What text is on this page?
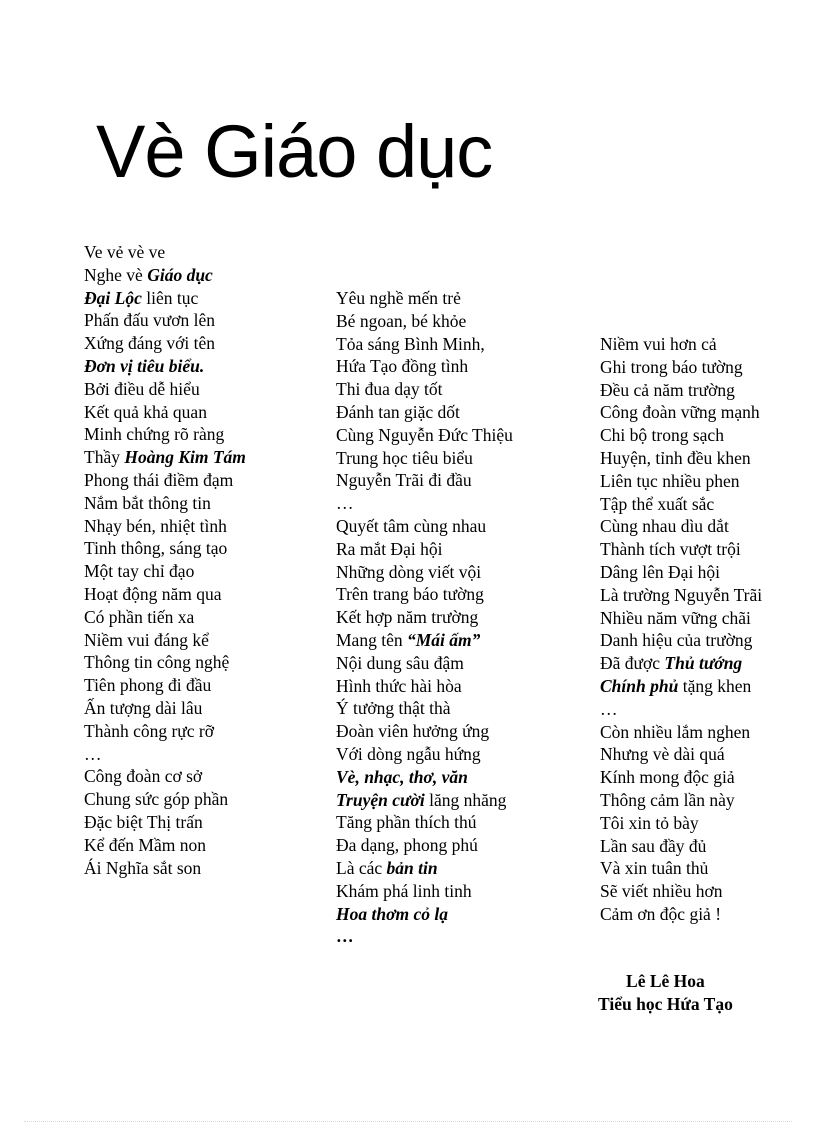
Vè Giáo dục
Ve vẻ vè ve
Nghe vè Giáo dục
Đại Lộc liên tục
Phấn đấu vươn lên
Xứng đáng với tên
Đơn vị tiêu biểu.
Bởi điều dễ hiểu
Kết quả khả quan
Minh chứng rõ ràng
Thầy Hoàng Kim Tám
Phong thái điềm đạm
Nắm bắt thông tin
Nhạy bén, nhiệt tình
Tinh thông, sáng tạo
Một tay chỉ đạo
Hoạt động năm qua
Có phần tiến xa
Niềm vui đáng kể
Thông tin công nghệ
Tiên phong đi đầu
Ấn tượng dài lâu
Thành công rực rỡ
…
Công đoàn cơ sở
Chung sức góp phần
Đặc biệt Thị trấn
Kể đến Mầm non
Ái Nghĩa sắt son
Yêu nghề mến trẻ
Bé ngoan, bé khỏe
Tỏa sáng Bình Minh,
Hứa Tạo đồng tình
Thi đua dạy tốt
Đánh tan giặc dốt
Cùng Nguyễn Đức Thiệu
Trung học tiêu biểu
Nguyễn Trãi đi đầu
…
Quyết tâm cùng nhau
Ra mắt Đại hội
Những dòng viết vội
Trên trang báo tường
Kết hợp năm trường
Mang tên “Mái ấm”
Nội dung sâu đậm
Hình thức hài hòa
Ý tưởng thật thà
Đoàn viên hưởng ứng
Với dòng ngẫu hứng
Vè, nhạc, thơ, văn
Truyện cười lăng nhăng
Tăng phần thích thú
Đa dạng, phong phú
Là các bản tin
Khám phá linh tinh
Hoa thơm cỏ lạ
…
Niềm vui hơn cả
Ghi trong báo tường
Đều cả năm trường
Công đoàn vững mạnh
Chi bộ trong sạch
Huyện, tỉnh đều khen
Liên tục nhiều phen
Tập thể xuất sắc
Cùng nhau dìu dắt
Thành tích vượt trội
Dâng lên Đại hội
Là trường Nguyễn Trãi
Nhiều năm vững chãi
Danh hiệu của trường
Đã được Thủ tướng
Chính phủ tặng khen
…
Còn nhiều lắm nghen
Nhưng vè dài quá
Kính mong độc giả
Thông cảm lần này
Tôi xin tỏ bày
Lần sau đầy đủ
Và xin tuân thủ
Sẽ viết nhiều hơn
Cảm ơn độc giả !
Lê Lê Hoa
Tiểu học Hứa Tạo
